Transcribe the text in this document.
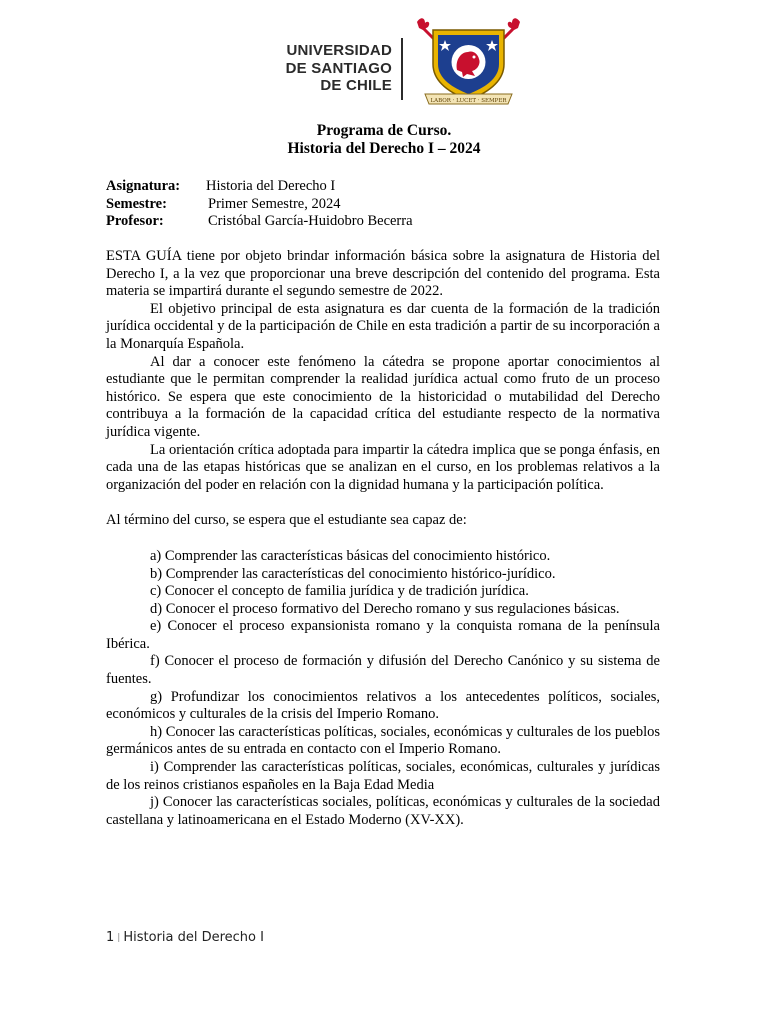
UNIVERSIDAD
DE SANTIAGO
DE CHILE
LABOR · LUCET · SEMPER
Programa de Curso.
Historia del Derecho I – 2024
Asignatura: Historia del Derecho I
Semestre:	Primer Semestre, 2024
Profesor:	Cristóbal García-Huidobro Becerra

ESTA GUÍA tiene por objeto brindar información básica sobre la asignatura de Historia del Derecho I, a la vez que proporcionar una breve descripción del contenido del programa. Esta materia se impartirá durante el segundo semestre de 2022.

El objetivo principal de esta asignatura es dar cuenta de la formación de la tradición jurídica occidental y de la participación de Chile en esta tradición a partir de su incorporación a la Monarquía Española.

Al dar a conocer este fenómeno la cátedra se propone aportar conocimientos al estudiante que le permitan comprender la realidad jurídica actual como fruto de un proceso histórico. Se espera que este conocimiento de la historicidad o mutabilidad del Derecho contribuya a la formación de la capacidad crítica del estudiante respecto de la normativa jurídica vigente.

La orientación crítica adoptada para impartir la cátedra implica que se ponga énfasis, en cada una de las etapas históricas que se analizan en el curso, en los problemas relativos a la organización del poder en relación con la dignidad humana y la participación política.

Al término del curso, se espera que el estudiante sea capaz de:

a) Comprender las características básicas del conocimiento histórico.

b) Comprender las características del conocimiento histórico-jurídico.

c) Conocer el concepto de familia jurídica y de tradición jurídica.

d) Conocer el proceso formativo del Derecho romano y sus regulaciones básicas.

e) Conocer el proceso expansionista romano y la conquista romana de la península Ibérica.

f) Conocer el proceso de formación y difusión del Derecho Canónico y su sistema de fuentes.

g) Profundizar los conocimientos relativos a los antecedentes políticos, sociales, económicos y culturales de la crisis del Imperio Romano.

h) Conocer las características políticas, sociales, económicas y culturales de los pueblos germánicos antes de su entrada en contacto con el Imperio Romano.

i) Comprender las características políticas, sociales, económicas, culturales y jurídicas de los reinos cristianos españoles en la Baja Edad Media

j) Conocer las características sociales, políticas, económicas y culturales de la sociedad castellana y latinoamericana en el Estado Moderno (XV-XX).

1 | Historia del Derecho I
